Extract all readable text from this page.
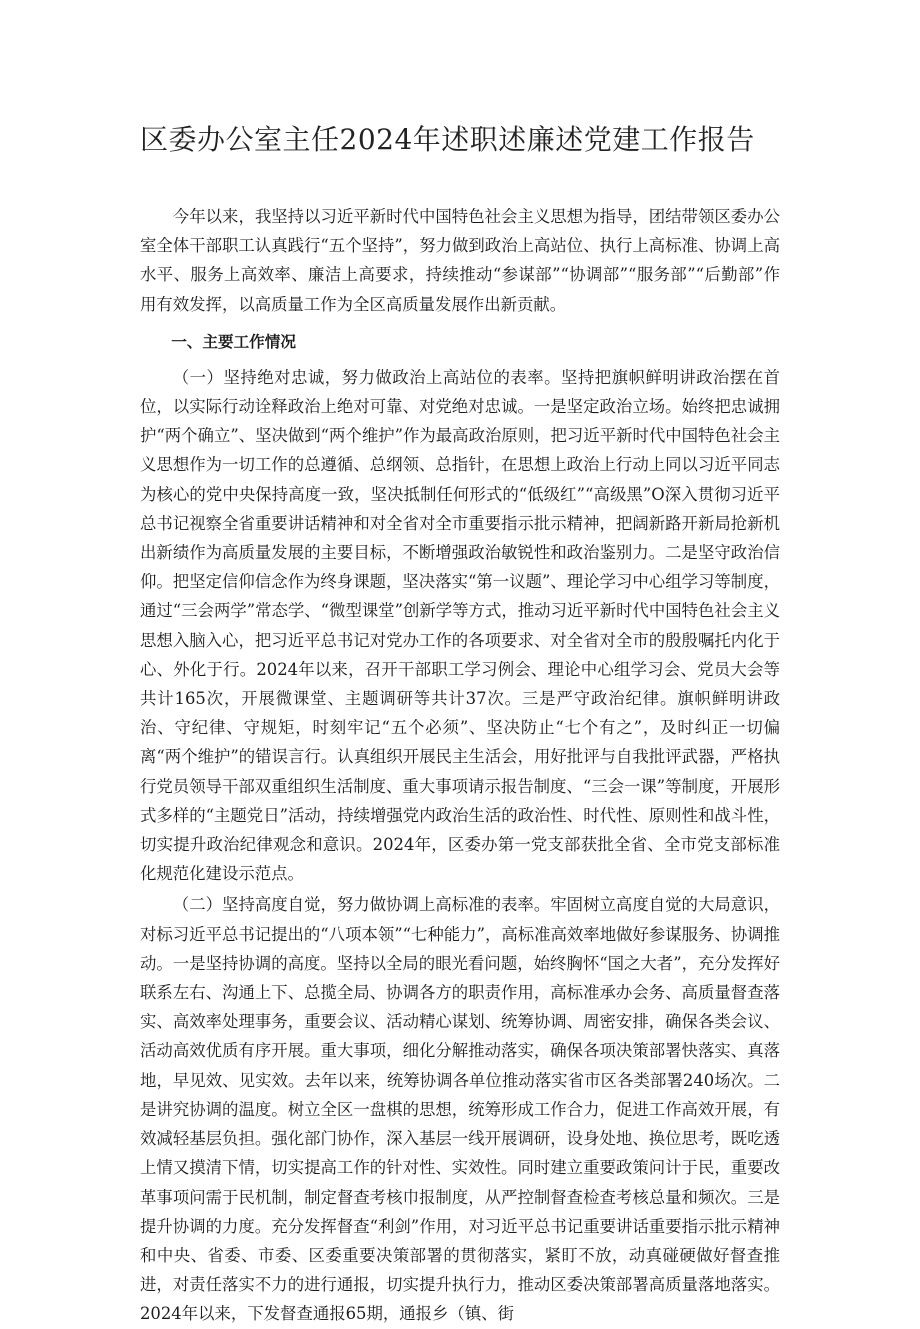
区委办公室主任2024年述职述廉述党建工作报告

今年以来，我坚持以习近平新时代中国特色社会主义思想为指导，团结带领区委办公室全体干部职工认真践行“五个坚持”，努力做到政治上高站位、执行上高标准、协调上高水平、服务上高效率、廉洁上高要求，持续推动“参谋部”“协调部”“服务部”“后勤部”作用有效发挥，以高质量工作为全区高质量发展作出新贡献。

一、主要工作情况

（一）坚持绝对忠诚，努力做政治上高站位的表率。坚持把旗帜鲜明讲政治摆在首位，以实际行动诠释政治上绝对可靠、对党绝对忠诚。一是坚定政治立场。始终把忠诚拥护“两个确立”、坚决做到“两个维护”作为最高政治原则，把习近平新时代中国特色社会主义思想作为一切工作的总遵循、总纲领、总指针，在思想上政治上行动上同以习近平同志为核心的党中央保持高度一致，坚决抵制任何形式的“低级红”“高级黑”O深入贯彻习近平总书记视察全省重要讲话精神和对全省对全市重要指示批示精神，把阔新路开新局抢新机出新绩作为高质量发展的主要目标，不断增强政治敏锐性和政治鉴别力。二是坚守政治信仰。把坚定信仰信念作为终身课题，坚决落实“第一议题”、理论学习中心组学习等制度，通过“三会两学”常态学、“微型课堂”创新学等方式，推动习近平新时代中国特色社会主义思想入脑入心，把习近平总书记对党办工作的各项要求、对全省对全市的殷殷嘱托内化于心、外化于行。2024年以来，召开干部职工学习例会、理论中心组学习会、党员大会等共计165次，开展微课堂、主题调研等共计37次。三是严守政治纪律。旗帜鲜明讲政治、守纪律、守规矩，时刻牢记“五个必须”、坚决防止“七个有之”，及时纠正一切偏离“两个维护”的错误言行。认真组织开展民主生活会，用好批评与自我批评武器，严格执行党员领导干部双重组织生活制度、重大事项请示报告制度、“三会一课”等制度，开展形式多样的“主题党日”活动，持续增强党内政治生活的政治性、时代性、原则性和战斗性，切实提升政治纪律观念和意识。2024年，区委办第一党支部获批全省、全市党支部标准化规范化建设示范点。

（二）坚持高度自觉，努力做协调上高标准的表率。牢固树立高度自觉的大局意识，对标习近平总书记提出的“八项本领”“七种能力”，高标准高效率地做好参谋服务、协调推动。一是坚持协调的高度。坚持以全局的眼光看问题，始终胸怀“国之大者”，充分发挥好联系左右、沟通上下、总揽全局、协调各方的职责作用，高标准承办会务、高质量督查落实、高效率处理事务，重要会议、活动精心谋划、统筹协调、周密安排，确保各类会议、活动高效优质有序开展。重大事项，细化分解推动落实，确保各项决策部署快落实、真落地，早见效、见实效。去年以来，统筹协调各单位推动落实省市区各类部署240场次。二是讲究协调的温度。树立全区一盘棋的思想，统筹形成工作合力，促进工作高效开展，有效减轻基层负担。强化部门协作，深入基层一线开展调研，设身处地、换位思考，既吃透上情又摸清下情，切实提高工作的针对性、实效性。同时建立重要政策问计于民，重要改革事项问需于民机制，制定督查考核巾报制度，从严控制督查检查考核总量和频次。三是提升协调的力度。充分发挥督查“利剑”作用，对习近平总书记重要讲话重要指示批示精神和中央、省委、市委、区委重要决策部署的贯彻落实，紧盯不放，动真碰硬做好督查推进，对责任落实不力的进行通报，切实提升执行力，推动区委决策部署高质量落地落实。2024年以来，下发督查通报65期，通报乡（镇、街
